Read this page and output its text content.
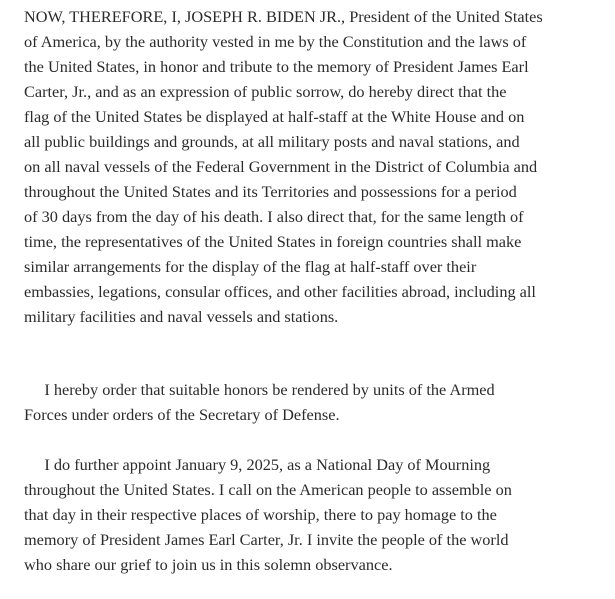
NOW, THEREFORE, I, JOSEPH R. BIDEN JR., President of the United States
of America, by the authority vested in me by the Constitution and the laws of
the United States, in honor and tribute to the memory of President James Earl
Carter, Jr., and as an expression of public sorrow, do hereby direct that the
flag of the United States be displayed at half-staff at the White House and on
all public buildings and grounds, at all military posts and naval stations, and
on all naval vessels of the Federal Government in the District of Columbia and
throughout the United States and its Territories and possessions for a period
of 30 days from the day of his death. I also direct that, for the same length of
time, the representatives of the United States in foreign countries shall make
similar arrangements for the display of the flag at half-staff over their
embassies, legations, consular offices, and other facilities abroad, including all
military facilities and naval vessels and stations.
I hereby order that suitable honors be rendered by units of the Armed
Forces under orders of the Secretary of Defense.
I do further appoint January 9, 2025, as a National Day of Mourning
throughout the United States. I call on the American people to assemble on
that day in their respective places of worship, there to pay homage to the
memory of President James Earl Carter, Jr. I invite the people of the world
who share our grief to join us in this solemn observance.
